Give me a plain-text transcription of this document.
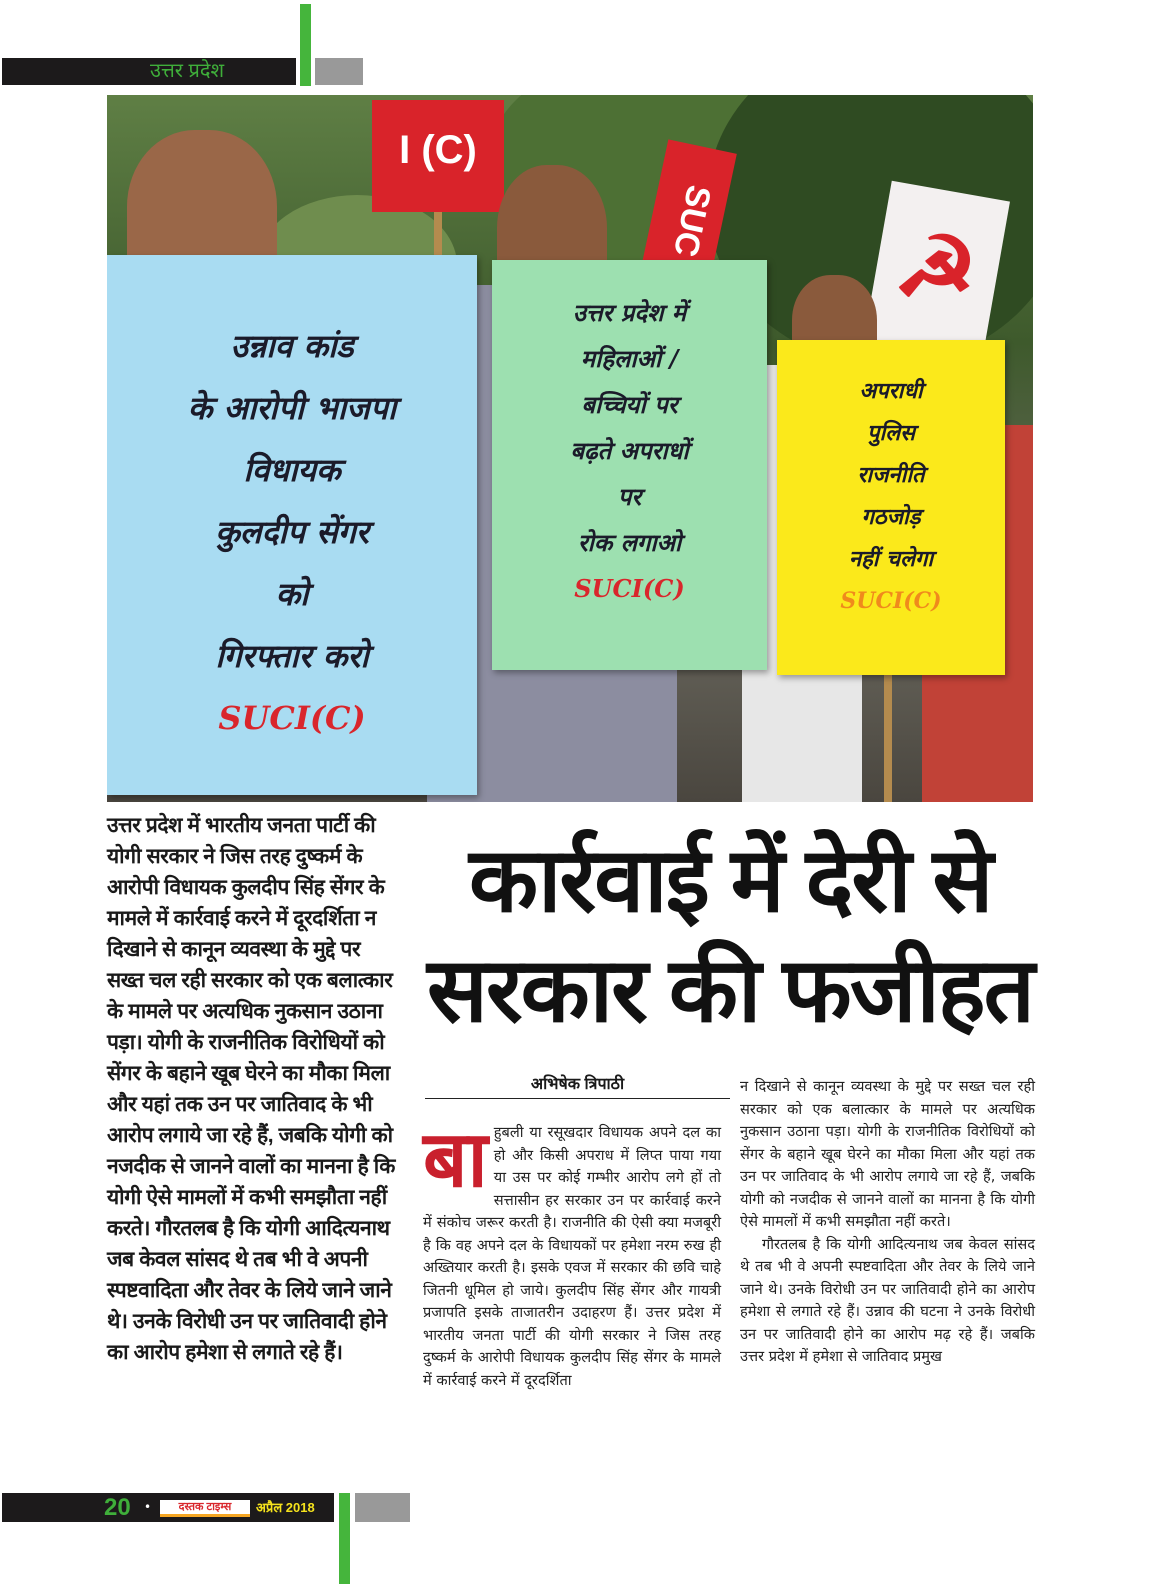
उत्तर प्रदेश
I (C)
SUC ☭
उन्नाव कांड
के आरोपी भाजपा
विधायक
कुलदीप सेंगर
को
गिरफ्तार करो
SUCI(C)
उत्तर प्रदेश में
महिलाओं /
बच्चियों पर
बढ़ते अपराधों
पर
रोक लगाओ
SUCI(C)
अपराधी
पुलिस
राजनीति
गठजोड़
नहीं चलेगा
SUCI(C)
उत्तर प्रदेश में भारतीय जनता पार्टी की योगी सरकार ने जिस तरह दुष्कर्म के आरोपी विधायक कुलदीप सिंह सेंगर के मामले में कार्रवाई करने में दूरदर्शिता न दिखाने से कानून व्यवस्था के मुद्दे पर सख्त चल रही सरकार को एक बलात्कार के मामले पर अत्यधिक नुकसान उठाना पड़ा। योगी के राजनीतिक विरोधियों को सेंगर के बहाने खूब घेरने का मौका मिला और यहां तक उन पर जातिवाद के भी आरोप लगाये जा रहे हैं, जबकि योगी को नजदीक से जानने वालों का मानना है कि योगी ऐसे मामलों में कभी समझौता नहीं करते। गौरतलब है कि योगी आदित्यनाथ जब केवल सांसद थे तब भी वे अपनी स्पष्टवादिता और तेवर के लिये जाने जाने थे। उनके विरोधी उन पर जातिवादी होने का आरोप हमेशा से लगाते रहे हैं।
कार्रवाई में देरी से
सरकार की फजीहत
अभिषेक त्रिपाठी
बा हुबली या रसूखदार विधायक अपने दल का हो और किसी अपराध में लिप्त पाया गया या उस पर कोई गम्भीर आरोप लगे हों तो सत्तासीन हर सरकार उन पर कार्रवाई करने में संकोच जरूर करती है। राजनीति की ऐसी क्या मजबूरी है कि वह अपने दल के विधायकों पर हमेशा नरम रुख ही अख्तियार करती है। इसके एवज में सरकार की छवि चाहे जितनी धूमिल हो जाये। कुलदीप सिंह सेंगर और गायत्री प्रजापति इसके ताजातरीन उदाहरण हैं। उत्तर प्रदेश में भारतीय जनता पार्टी की योगी सरकार ने जिस तरह दुष्कर्म के आरोपी विधायक कुलदीप सिंह सेंगर के मामले में कार्रवाई करने में दूरदर्शिता

न दिखाने से कानून व्यवस्था के मुद्दे पर सख्त चल रही सरकार को एक बलात्कार के मामले पर अत्यधिक नुकसान उठाना पड़ा। योगी के राजनीतिक विरोधियों को सेंगर के बहाने खूब घेरने का मौका मिला और यहां तक उन पर जातिवाद के भी आरोप लगाये जा रहे हैं, जबकि योगी को नजदीक से जानने वालों का मानना है कि योगी ऐसे मामलों में कभी समझौता नहीं करते।

गौरतलब है कि योगी आदित्यनाथ जब केवल सांसद थे तब भी वे अपनी स्पष्टवादिता और तेवर के लिये जाने जाने थे। उनके विरोधी उन पर जातिवादी होने का आरोप हमेशा से लगाते रहे हैं। उन्नाव की घटना ने उनके विरोधी उन पर जातिवादी होने का आरोप मढ़ रहे हैं। जबकि उत्तर प्रदेश में हमेशा से जातिवाद प्रमुख

20 •	दस्तक टाइम्स	अप्रैल 2018
